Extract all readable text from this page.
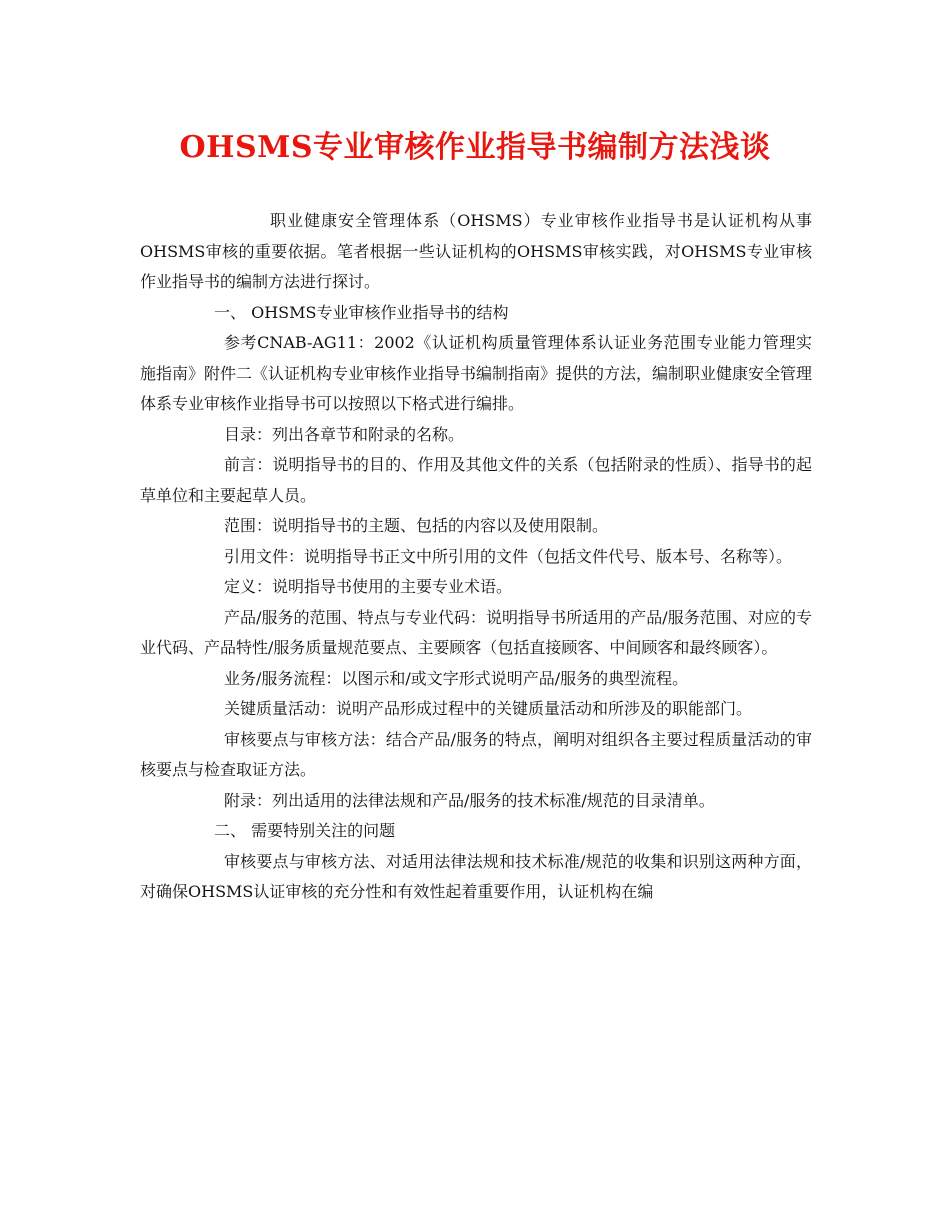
OHSMS专业审核作业指导书编制方法浅谈

职业健康安全管理体系（OHSMS）专业审核作业指导书是认证机构从事OHSMS审核的重要依据。笔者根据一些认证机构的OHSMS审核实践，对OHSMS专业审核作业指导书的编制方法进行探讨。

一、 OHSMS专业审核作业指导书的结构

参考CNAB-AG11：2002《认证机构质量管理体系认证业务范围专业能力管理实施指南》附件二《认证机构专业审核作业指导书编制指南》提供的方法，编制职业健康安全管理体系专业审核作业指导书可以按照以下格式进行编排。

目录：列出各章节和附录的名称。

前言：说明指导书的目的、作用及其他文件的关系（包括附录的性质）、指导书的起草单位和主要起草人员。

范围：说明指导书的主题、包括的内容以及使用限制。

引用文件：说明指导书正文中所引用的文件（包括文件代号、版本号、名称等）。

定义：说明指导书使用的主要专业术语。

产品/服务的范围、特点与专业代码：说明指导书所适用的产品/服务范围、对应的专业代码、产品特性/服务质量规范要点、主要顾客（包括直接顾客、中间顾客和最终顾客）。

业务/服务流程：以图示和/或文字形式说明产品/服务的典型流程。

关键质量活动：说明产品形成过程中的关键质量活动和所涉及的职能部门。

审核要点与审核方法：结合产品/服务的特点，阐明对组织各主要过程质量活动的审核要点与检查取证方法。

附录：列出适用的法律法规和产品/服务的技术标准/规范的目录清单。

二、 需要特别关注的问题

审核要点与审核方法、对适用法律法规和技术标准/规范的收集和识别这两种方面，对确保OHSMS认证审核的充分性和有效性起着重要作用，认证机构在编
